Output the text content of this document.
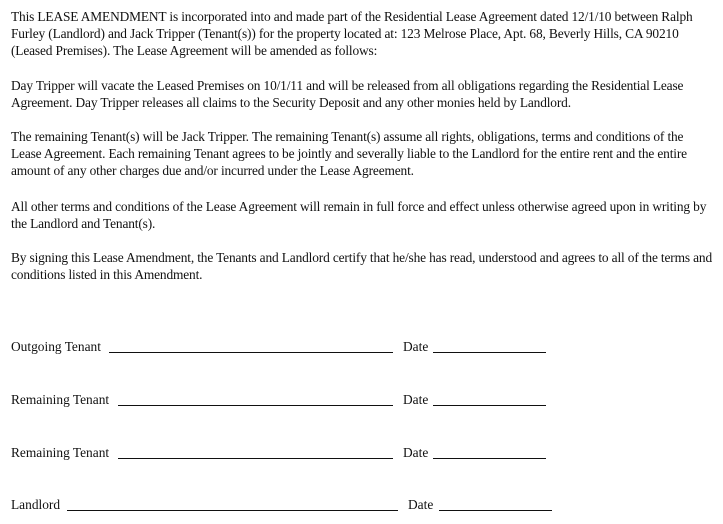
This LEASE AMENDMENT is incorporated into and made part of the Residential Lease Agreement dated 12/1/10 between Ralph Furley (Landlord) and Jack Tripper (Tenant(s)) for the property located at: 123 Melrose Place, Apt. 68, Beverly Hills, CA 90210 (Leased Premises). The Lease Agreement will be amended as follows:

Day Tripper will vacate the Leased Premises on 10/1/11 and will be released from all obligations regarding the Residential Lease Agreement. Day Tripper releases all claims to the Security Deposit and any other monies held by Landlord.

The remaining Tenant(s) will be Jack Tripper. The remaining Tenant(s) assume all rights, obligations, terms and conditions of the Lease Agreement. Each remaining Tenant agrees to be jointly and severally liable to the Landlord for the entire rent and the entire amount of any other charges due and/or incurred under the Lease Agreement.

All other terms and conditions of the Lease Agreement will remain in full force and effect unless otherwise agreed upon in writing by the Landlord and Tenant(s).

By signing this Lease Amendment, the Tenants and Landlord certify that he/she has read, understood and agrees to all of the terms and conditions listed in this Amendment.

Outgoing Tenant	Date
Remaining Tenant	Date
Remaining Tenant	Date
Landlord	Date
